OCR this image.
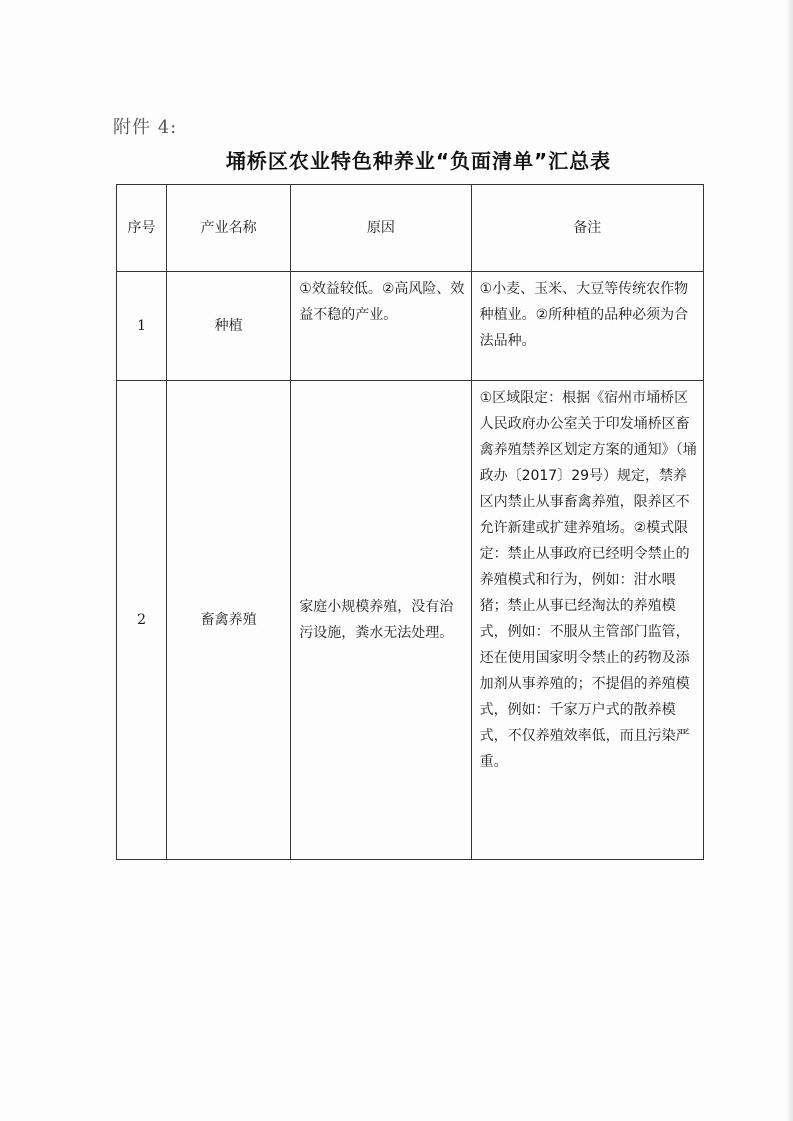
附件 4:
埇桥区农业特色种养业“负面清单”汇总表
序号	产业名称	原因	备注
1	种植	①效益较低。②高风险、效益不稳的产业。	①小麦、玉米、大豆等传统农作物种植业。②所种植的品种必须为合法品种。

2	畜禽养殖	家庭小规模养殖，没有治污设施，粪水无法处理。	①区域限定：根据《宿州市埇桥区人民政府办公室关于印发埇桥区畜禽养殖禁养区划定方案的通知》（埇政办〔2017〕29号）规定，禁养区内禁止从事畜禽养殖，限养区不允许新建或扩建养殖场。②模式限定：禁止从事政府已经明令禁止的养殖模式和行为，例如：泔水喂猪；禁止从事已经淘汰的养殖模式，例如：不服从主管部门监管，还在使用国家明令禁止的药物及添加剂从事养殖的；不提倡的养殖模式，例如：千家万户式的散养模式，不仅养殖效率低，而且污染严重。
